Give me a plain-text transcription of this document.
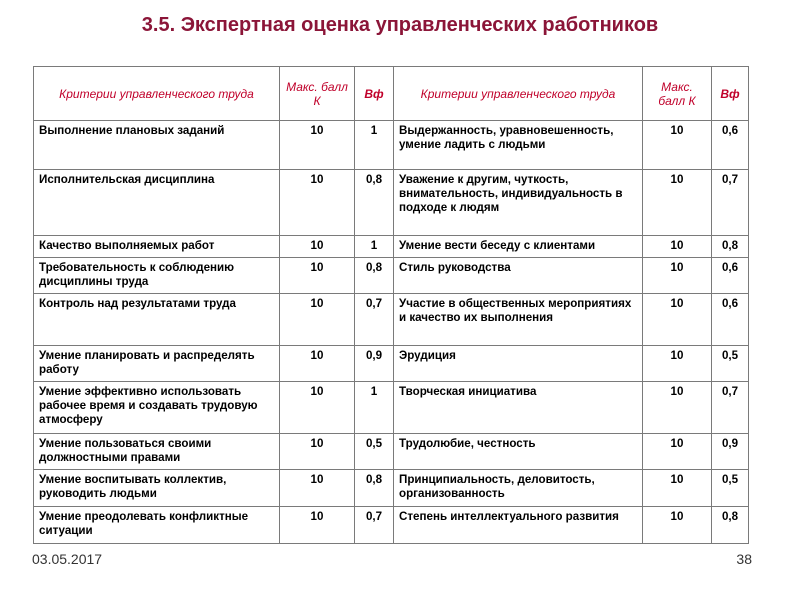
3.5. Экспертная оценка управленческих работников
Критерии управленческого труда	Макс. балл К	Вф	Критерии управленческого труда	Макс. балл К	Вф
Выполнение плановых заданий	10	1	Выдержанность, уравновешенность, умение ладить с людьми	10	0,6
Исполнительская дисциплина	10	0,8	Уважение к другим, чуткость, внимательность, индивидуальность в подходе к людям	10	0,7
Качество выполняемых работ	10	1	Умение вести беседу с клиентами	10	0,8
Требовательность к соблюдению дисциплины труда	10	0,8	Стиль руководства	10	0,6
Контроль над результатами труда	10	0,7	Участие в общественных мероприятиях и качество их выполнения	10	0,6
Умение планировать и распределять работу	10	0,9	Эрудиция	10	0,5
Умение эффективно использовать рабочее время и создавать трудовую атмосферу	10	1	Творческая инициатива	10	0,7
Умение пользоваться своими должностными правами	10	0,5	Трудолюбие, честность	10	0,9
Умение воспитывать коллектив, руководить людьми	10	0,8	Принципиальность, деловитость, организованность	10	0,5
Умение преодолевать конфликтные ситуации	10	0,7	Степень интеллектуального развития	10	0,8
03.05.2017	38
